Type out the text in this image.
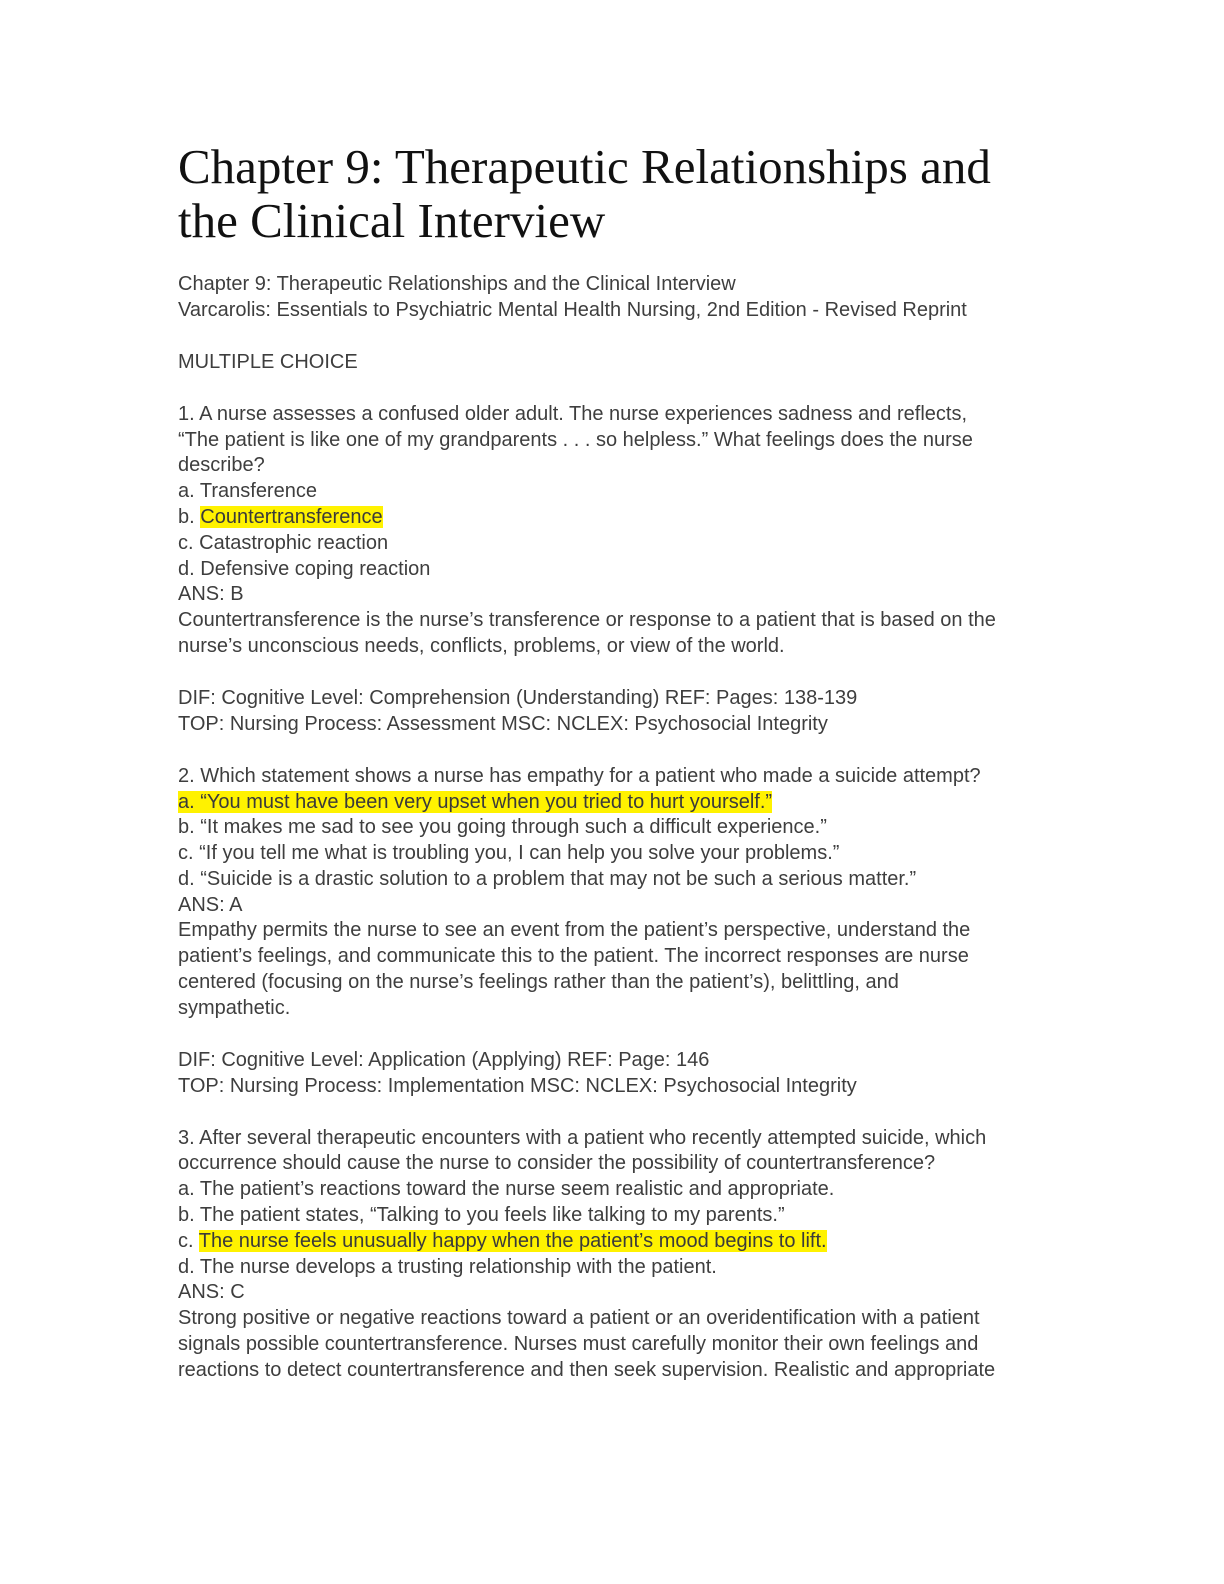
Chapter 9: Therapeutic Relationships and
the Clinical Interview
Chapter 9: Therapeutic Relationships and the Clinical Interview
Varcarolis: Essentials to Psychiatric Mental Health Nursing, 2nd Edition - Revised Reprint
MULTIPLE CHOICE
1. A nurse assesses a confused older adult. The nurse experiences sadness and reflects,
“The patient is like one of my grandparents . . . so helpless.” What feelings does the nurse
describe?
a. Transference
b. Countertransference
c. Catastrophic reaction
d. Defensive coping reaction
ANS: B
Countertransference is the nurse’s transference or response to a patient that is based on the
nurse’s unconscious needs, conflicts, problems, or view of the world.
DIF: Cognitive Level: Comprehension (Understanding) REF: Pages: 138-139
TOP: Nursing Process: Assessment MSC: NCLEX: Psychosocial Integrity
2. Which statement shows a nurse has empathy for a patient who made a suicide attempt?
a. “You must have been very upset when you tried to hurt yourself.”
b. “It makes me sad to see you going through such a difficult experience.”
c. “If you tell me what is troubling you, I can help you solve your problems.”
d. “Suicide is a drastic solution to a problem that may not be such a serious matter.”
ANS: A
Empathy permits the nurse to see an event from the patient’s perspective, understand the
patient’s feelings, and communicate this to the patient. The incorrect responses are nurse
centered (focusing on the nurse’s feelings rather than the patient’s), belittling, and
sympathetic.
DIF: Cognitive Level: Application (Applying) REF: Page: 146
TOP: Nursing Process: Implementation MSC: NCLEX: Psychosocial Integrity
3. After several therapeutic encounters with a patient who recently attempted suicide, which
occurrence should cause the nurse to consider the possibility of countertransference?
a. The patient’s reactions toward the nurse seem realistic and appropriate.
b. The patient states, “Talking to you feels like talking to my parents.”
c. The nurse feels unusually happy when the patient’s mood begins to lift.
d. The nurse develops a trusting relationship with the patient.
ANS: C
Strong positive or negative reactions toward a patient or an overidentification with a patient
signals possible countertransference. Nurses must carefully monitor their own feelings and
reactions to detect countertransference and then seek supervision. Realistic and appropriate
